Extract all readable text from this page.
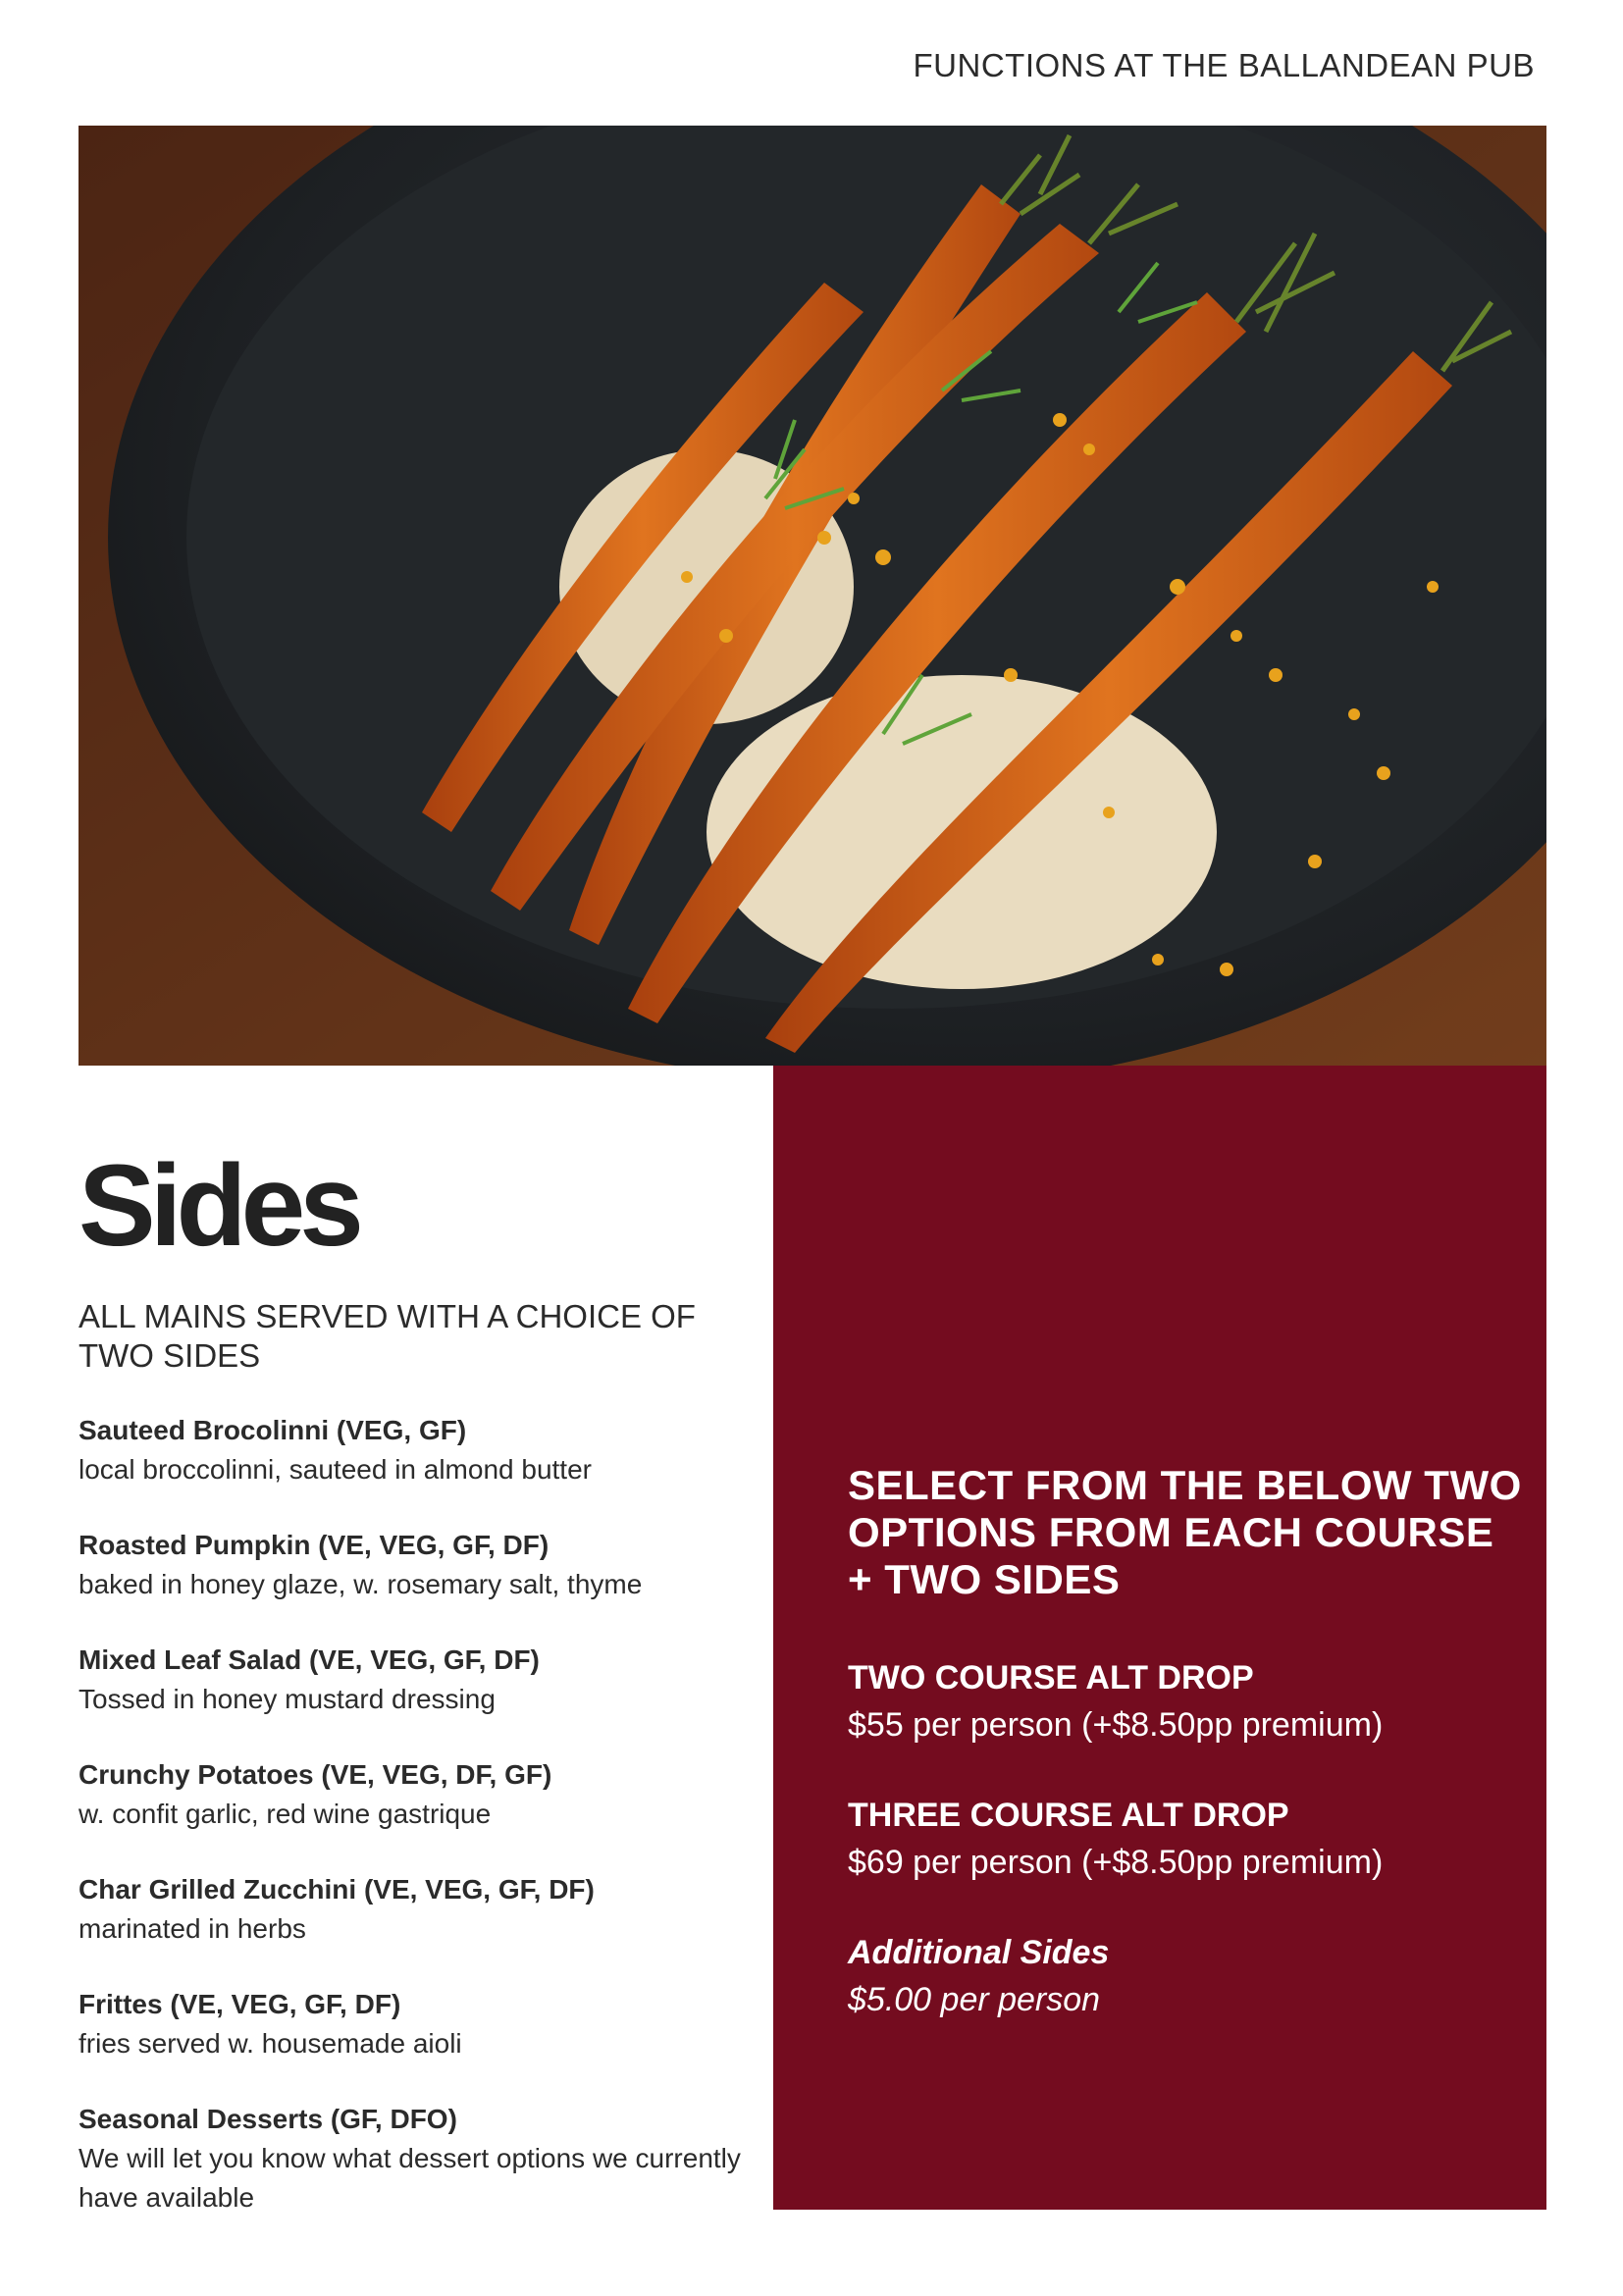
FUNCTIONS AT THE BALLANDEAN PUB
Sides
ALL MAINS SERVED WITH A CHOICE OF TWO SIDES
Sauteed Brocolinni (VEG, GF)
local broccolinni, sauteed in almond butter
Roasted Pumpkin (VE, VEG, GF, DF)
baked in honey glaze, w. rosemary salt, thyme
Mixed Leaf Salad (VE, VEG, GF, DF)
Tossed in honey mustard dressing
Crunchy Potatoes (VE, VEG, DF, GF)
w. confit garlic, red wine gastrique
Char Grilled Zucchini (VE, VEG, GF, DF)
marinated in herbs
Frittes (VE, VEG, GF, DF)
fries served w. housemade aioli
Seasonal Desserts (GF, DFO)
We will let you know what dessert options we currently have available
SELECT FROM THE BELOW TWO OPTIONS FROM EACH COURSE + TWO SIDES
TWO COURSE ALT DROP
$55 per person (+$8.50pp premium)
THREE COURSE ALT DROP
$69 per person (+$8.50pp premium)
Additional Sides
$5.00 per person
